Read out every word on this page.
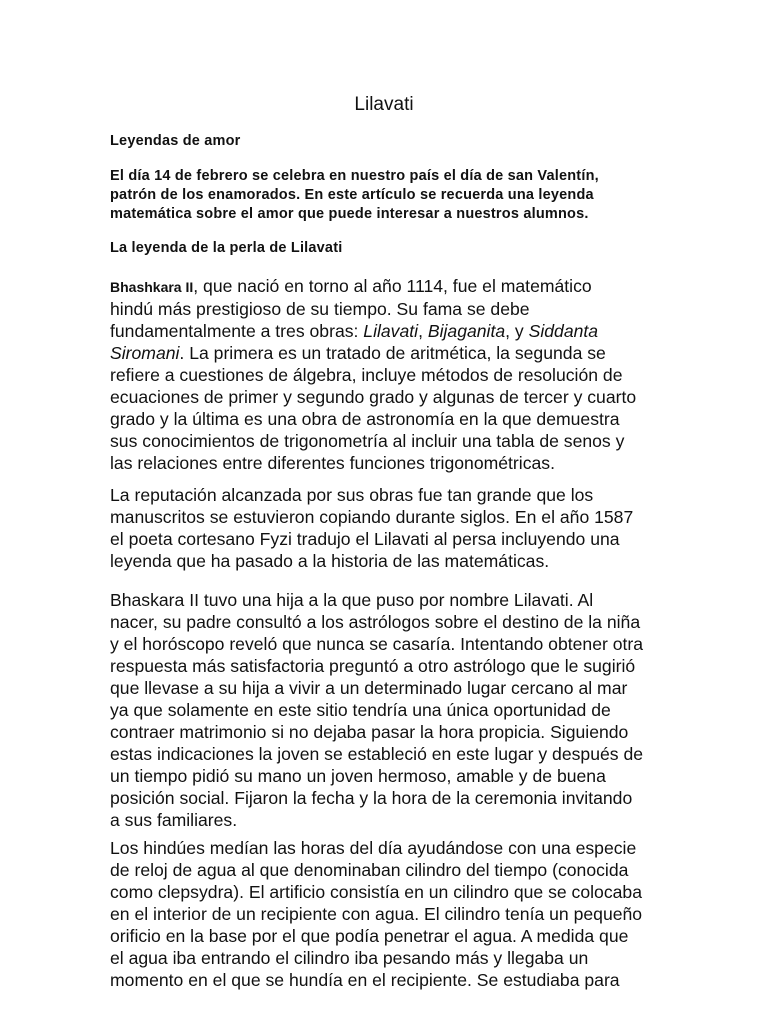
Lilavati
Leyendas de amor
El día 14 de febrero se celebra en nuestro país el día de san Valentín,
patrón de los enamorados. En este artículo se recuerda una leyenda
matemática sobre el amor que puede interesar a nuestros alumnos.
La leyenda de la perla de Lilavati
Bhashkara II, que nació en torno al año 1114, fue el matemático
hindú más prestigioso de su tiempo. Su fama se debe
fundamentalmente a tres obras: Lilavati, Bijaganita, y Siddanta
Siromani. La primera es un tratado de aritmética, la segunda se
refiere a cuestiones de álgebra, incluye métodos de resolución de
ecuaciones de primer y segundo grado y algunas de tercer y cuarto
grado y la última es una obra de astronomía en la que demuestra
sus conocimientos de trigonometría al incluir una tabla de senos y
las relaciones entre diferentes funciones trigonométricas.
La reputación alcanzada por sus obras fue tan grande que los
manuscritos se estuvieron copiando durante siglos. En el año 1587
el poeta cortesano Fyzi tradujo el Lilavati al persa incluyendo una
leyenda que ha pasado a la historia de las matemáticas.
Bhaskara II tuvo una hija a la que puso por nombre Lilavati. Al
nacer, su padre consultó a los astrólogos sobre el destino de la niña
y el horóscopo reveló que nunca se casaría. Intentando obtener otra
respuesta más satisfactoria preguntó a otro astrólogo que le sugirió
que llevase a su hija a vivir a un determinado lugar cercano al mar
ya que solamente en este sitio tendría una única oportunidad de
contraer matrimonio si no dejaba pasar la hora propicia. Siguiendo
estas indicaciones la joven se estableció en este lugar y después de
un tiempo pidió su mano un joven hermoso, amable y de buena
posición social. Fijaron la fecha y la hora de la ceremonia invitando
a sus familiares.
Los hindúes medían las horas del día ayudándose con una especie
de reloj de agua al que denominaban cilindro del tiempo (conocida
como clepsydra). El artificio consistía en un cilindro que se colocaba
en el interior de un recipiente con agua. El cilindro tenía un pequeño
orificio en la base por el que podía penetrar el agua. A medida que
el agua iba entrando el cilindro iba pesando más y llegaba un
momento en el que se hundía en el recipiente. Se estudiaba para
